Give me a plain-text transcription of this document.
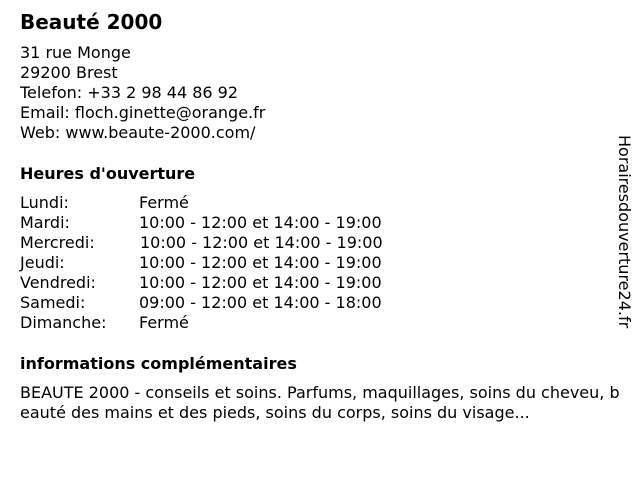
Beauté 2000
31 rue Monge
29200 Brest
Telefon: +33 2 98 44 86 92
Email: floch.ginette@orange.fr
Web: www.beaute-2000.com/
Heures d'ouverture
Lundi:	Fermé
Mardi:	10:00 - 12:00 et 14:00 - 19:00
Mercredi:	10:00 - 12:00 et 14:00 - 19:00
Jeudi:	10:00 - 12:00 et 14:00 - 19:00
Vendredi:	10:00 - 12:00 et 14:00 - 19:00
Samedi:	09:00 - 12:00 et 14:00 - 18:00
Dimanche: Fermé
informations complémentaires
BEAUTE 2000 - conseils et soins. Parfums, maquillages, soins du cheveu, beauté des mains et des pieds, soins du corps, soins du visage...
Horairesdouverture24.fr
